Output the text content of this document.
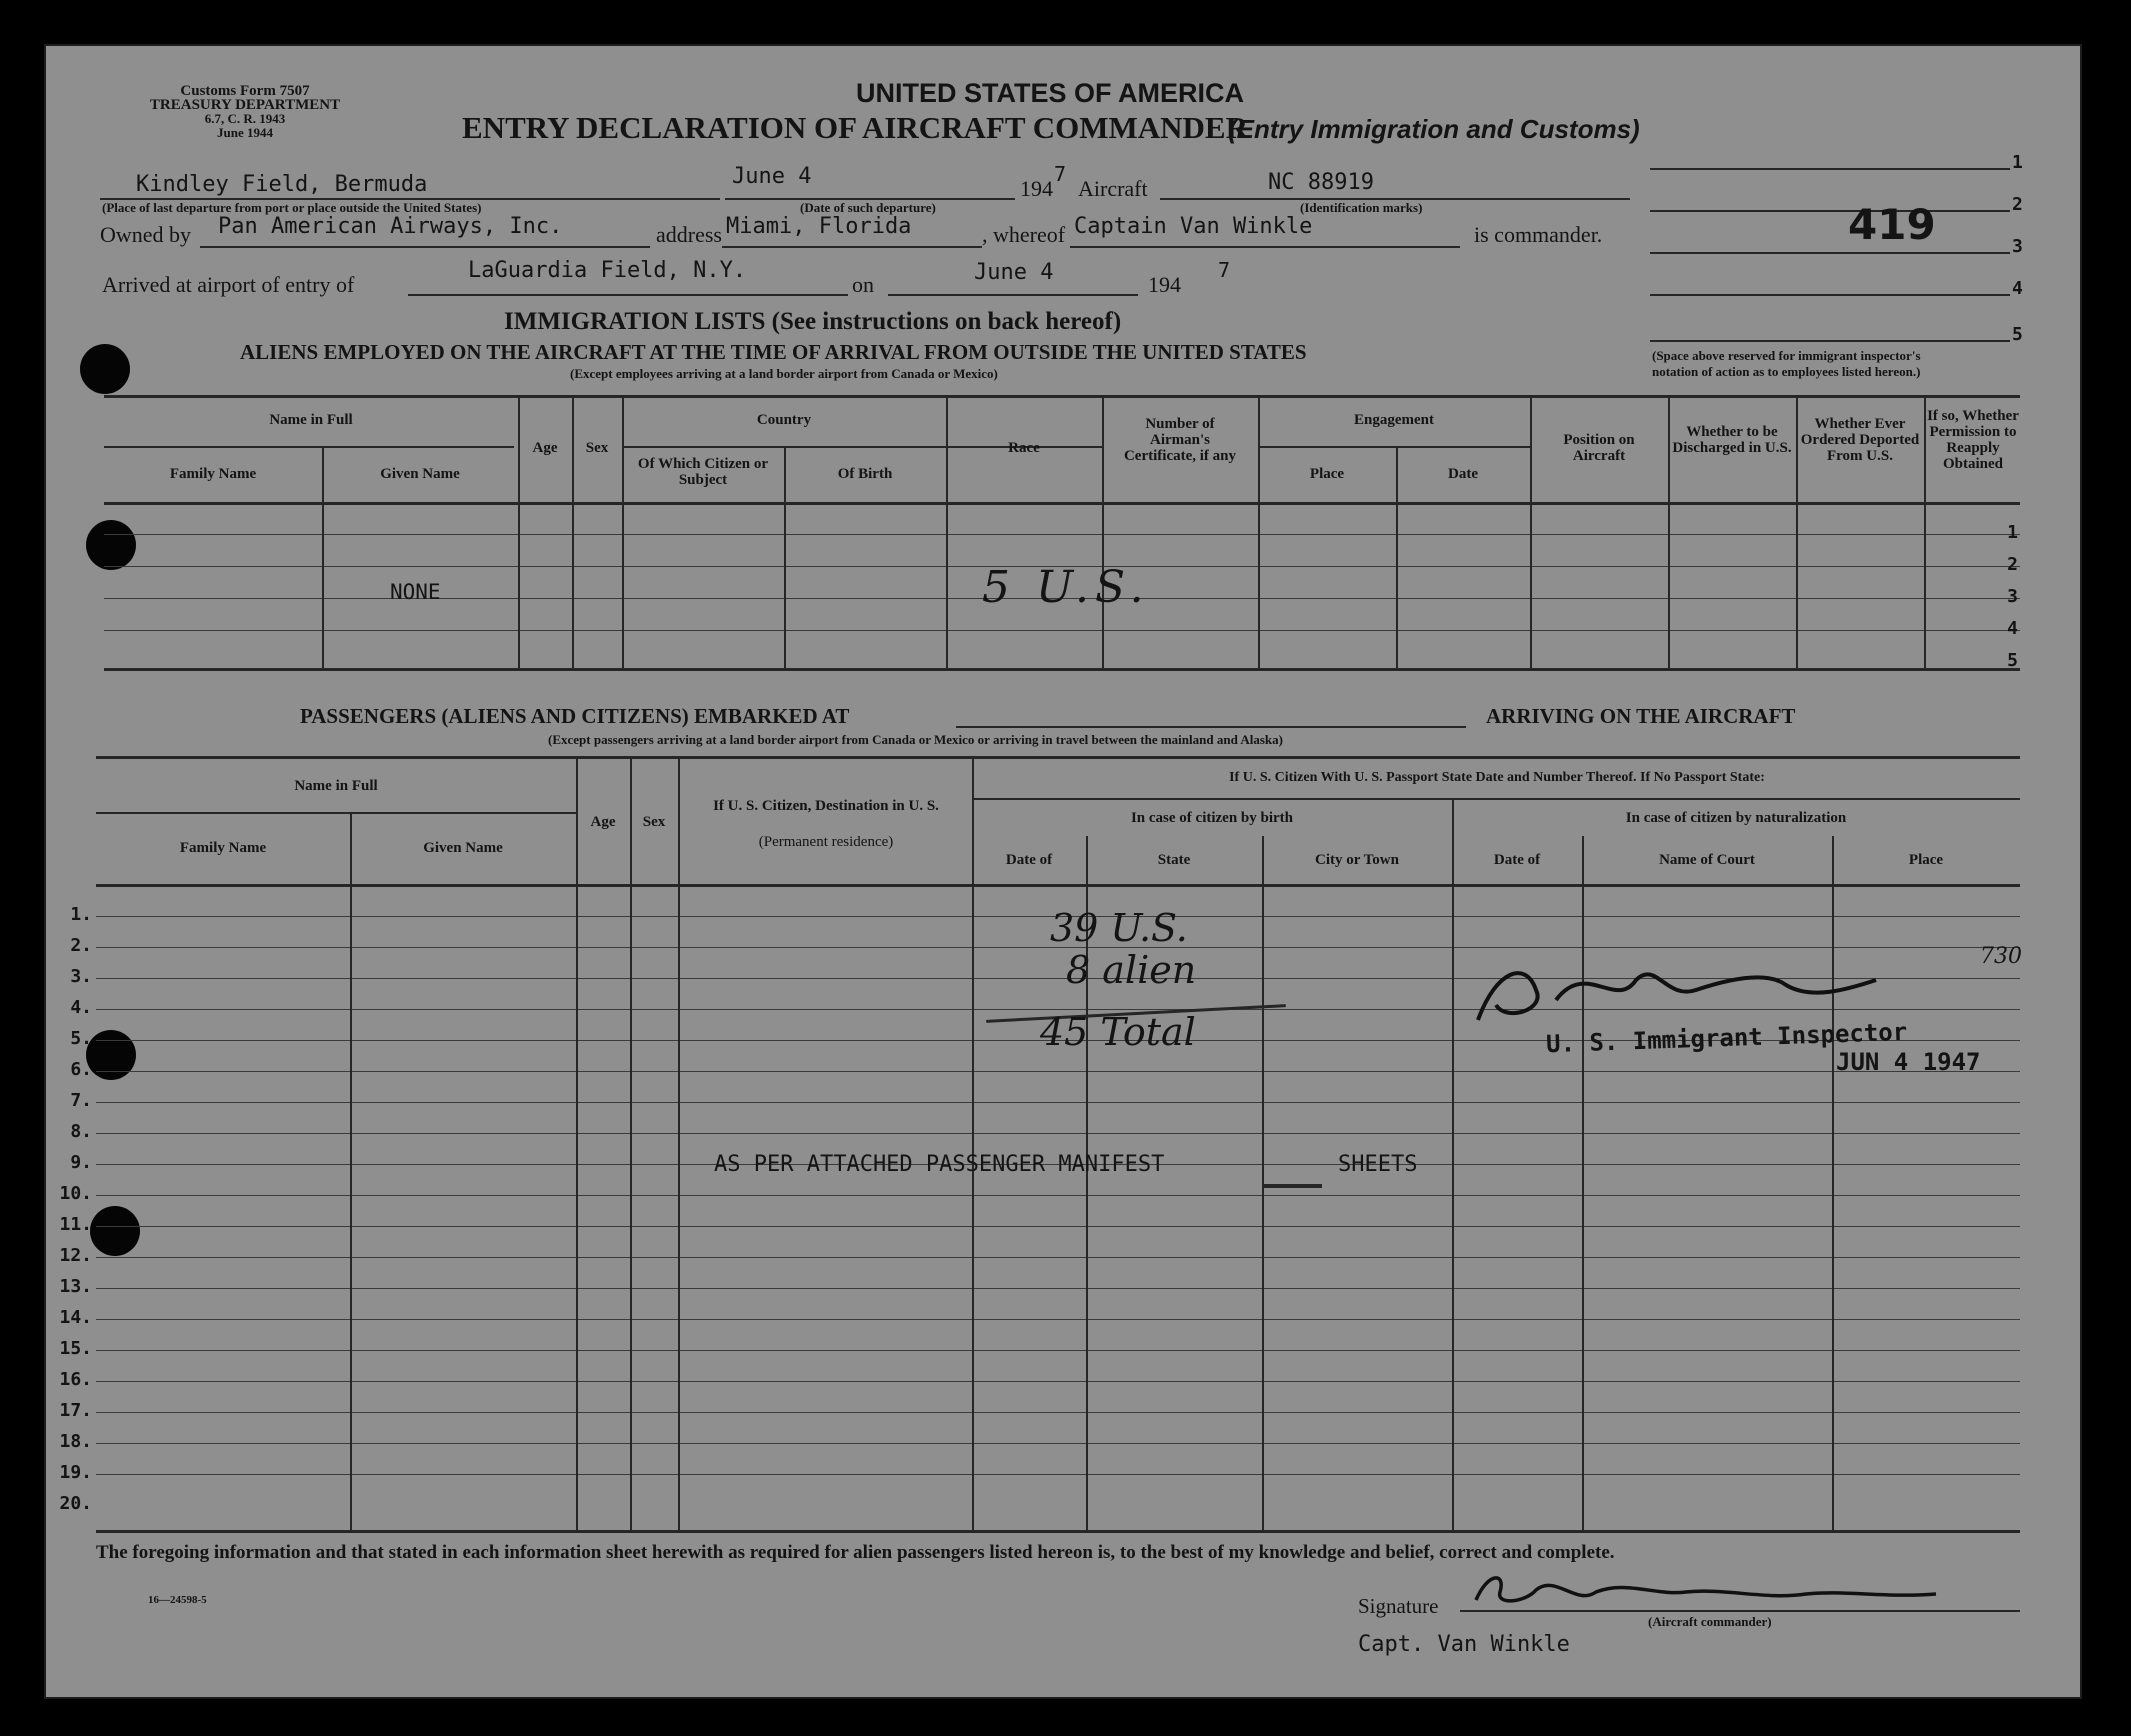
Customs Form 7507
TREASURY DEPARTMENT
6.7, C. R. 1943
June 1944
UNITED STATES OF AMERICA
ENTRY DECLARATION OF AIRCRAFT COMMANDER
(Entry Immigration and Customs)
Kindley Field, Bermuda
(Place of last departure from port or place outside the United States)
June 4
(Date of such departure)
194
7
Aircraft	NC 88919
(Identification marks)
Owned by Pan American Airways, Inc.	address Miami, Florida	, whereof Captain Van Winkle	is commander.
Arrived at airport of entry of
LaGuardia Field, N.Y.
on	June 4	194
7
1
2
3
4
5
419
(Space above reserved for immigrant inspector's
notation of action as to employees listed hereon.)
IMMIGRATION LISTS (See instructions on back hereof)
ALIENS EMPLOYED ON THE AIRCRAFT AT THE TIME OF ARRIVAL FROM OUTSIDE THE UNITED STATES
(Except employees arriving at a land border airport from Canada or Mexico)
Name in Full
Family Name	Given Name
Age	Sex
Country
Of Which Citizen or Subject	Of Birth
Race
Number of Airman's Certificate, if any
Engagement
Place	Date
Position on Aircraft
Whether to be Discharged in U.S.
Whether Ever Ordered Deported From U.S.
If so, Whether Permission to Reapply Obtained
1
2
3
4
5
NONE	5 U.S.
PASSENGERS (ALIENS AND CITIZENS) EMBARKED AT	ARRIVING ON THE AIRCRAFT
(Except passengers arriving at a land border airport from Canada or Mexico or arriving in travel between the mainland and Alaska)
Name in Full
Family Name	Given Name
Age	Sex
If U. S. Citizen, Destination in U. S.
(Permanent residence)
If U. S. Citizen With U. S. Passport State Date and Number Thereof. If No Passport State:
In case of citizen by birth	In case of citizen by naturalization
Date of	State	City or Town	Date of	Name of Court	Place
1.
2.
3.
4.
5.
6.
7.
8.
9.
10.
11.
12.
13.
14.
15.
16.
17.
18.
19.
20.
39 U.S.
8 alien
45 Total
730
U. S. Immigrant Inspector
JUN 4 1947
AS PER ATTACHED PASSENGER MANIFEST	SHEETS
The foregoing information and that stated in each information sheet herewith as required for alien passengers listed hereon is, to the best of my knowledge and belief, correct and complete.
16—24598-5	Signature
(Aircraft commander)
Capt. Van Winkle
